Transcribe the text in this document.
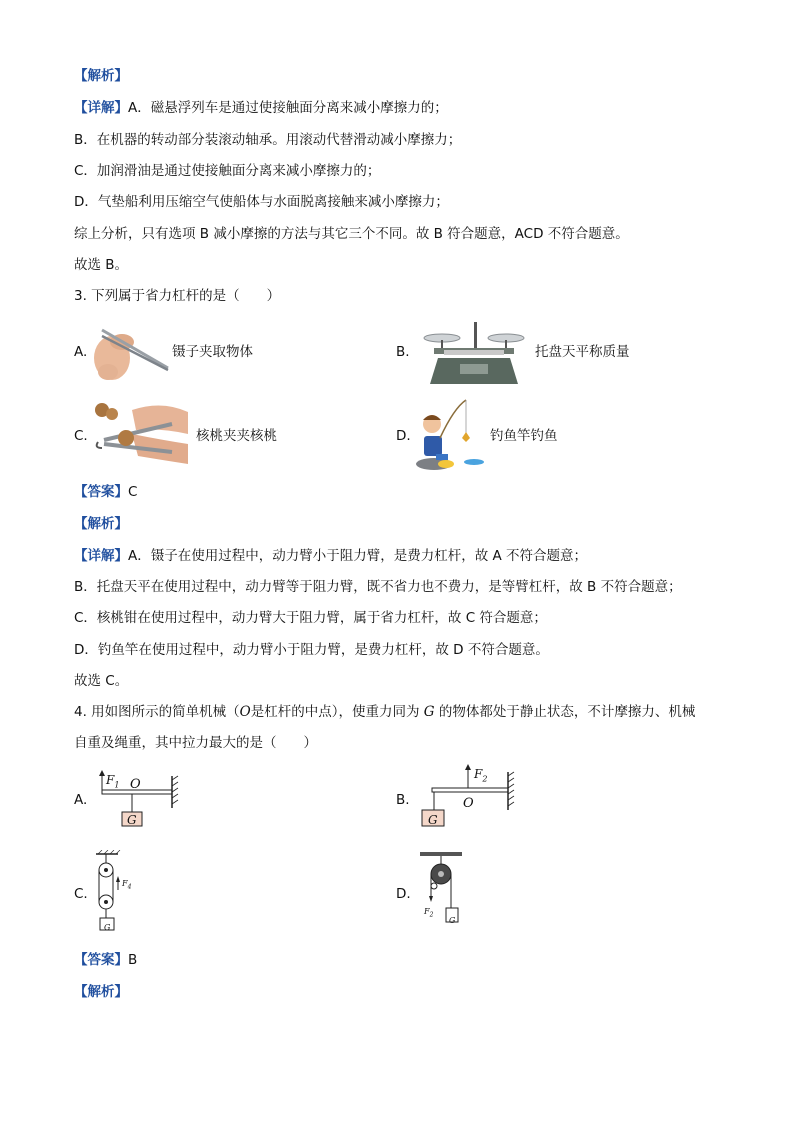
【解析】
【详解】A．磁悬浮列车是通过使接触面分离来减小摩擦力的；
B．在机器的转动部分装滚动轴承。用滚动代替滑动减小摩擦力；
C．加润滑油是通过使接触面分离来减小摩擦力的；
D．气垫船利用压缩空气使船体与水面脱离接触来减小摩擦力；
综上分析，只有选项 B 减小摩擦的方法与其它三个不同。故 B 符合题意，ACD 不符合题意。
故选 B。
3. 下列属于省力杠杆的是（　　）
A.	镊子夹取物体	B.	托盘天平称质量
C.	核桃夹夹核桃	D.	钓鱼竿钓鱼
【答案】C
【解析】
【详解】A．镊子在使用过程中，动力臂小于阻力臂，是费力杠杆，故 A 不符合题意；
B．托盘天平在使用过程中，动力臂等于阻力臂，既不省力也不费力，是等臂杠杆，故 B 不符合题意；
C．核桃钳在使用过程中，动力臂大于阻力臂，属于省力杠杆，故 C 符合题意；
D．钓鱼竿在使用过程中，动力臂小于阻力臂，是费力杠杆，故 D 不符合题意。
故选 C。
4. 用如图所示的简单机械（O是杠杆的中点），使重力同为 G 的物体都处于静止状态，不计摩擦力、机械
自重及绳重，其中拉力最大的是（　　）
A.
$F_1$ O
G
B.
$F_2$
O
G
C.
$F_4$
G
D.
$F_2$
G
【答案】B
【解析】
